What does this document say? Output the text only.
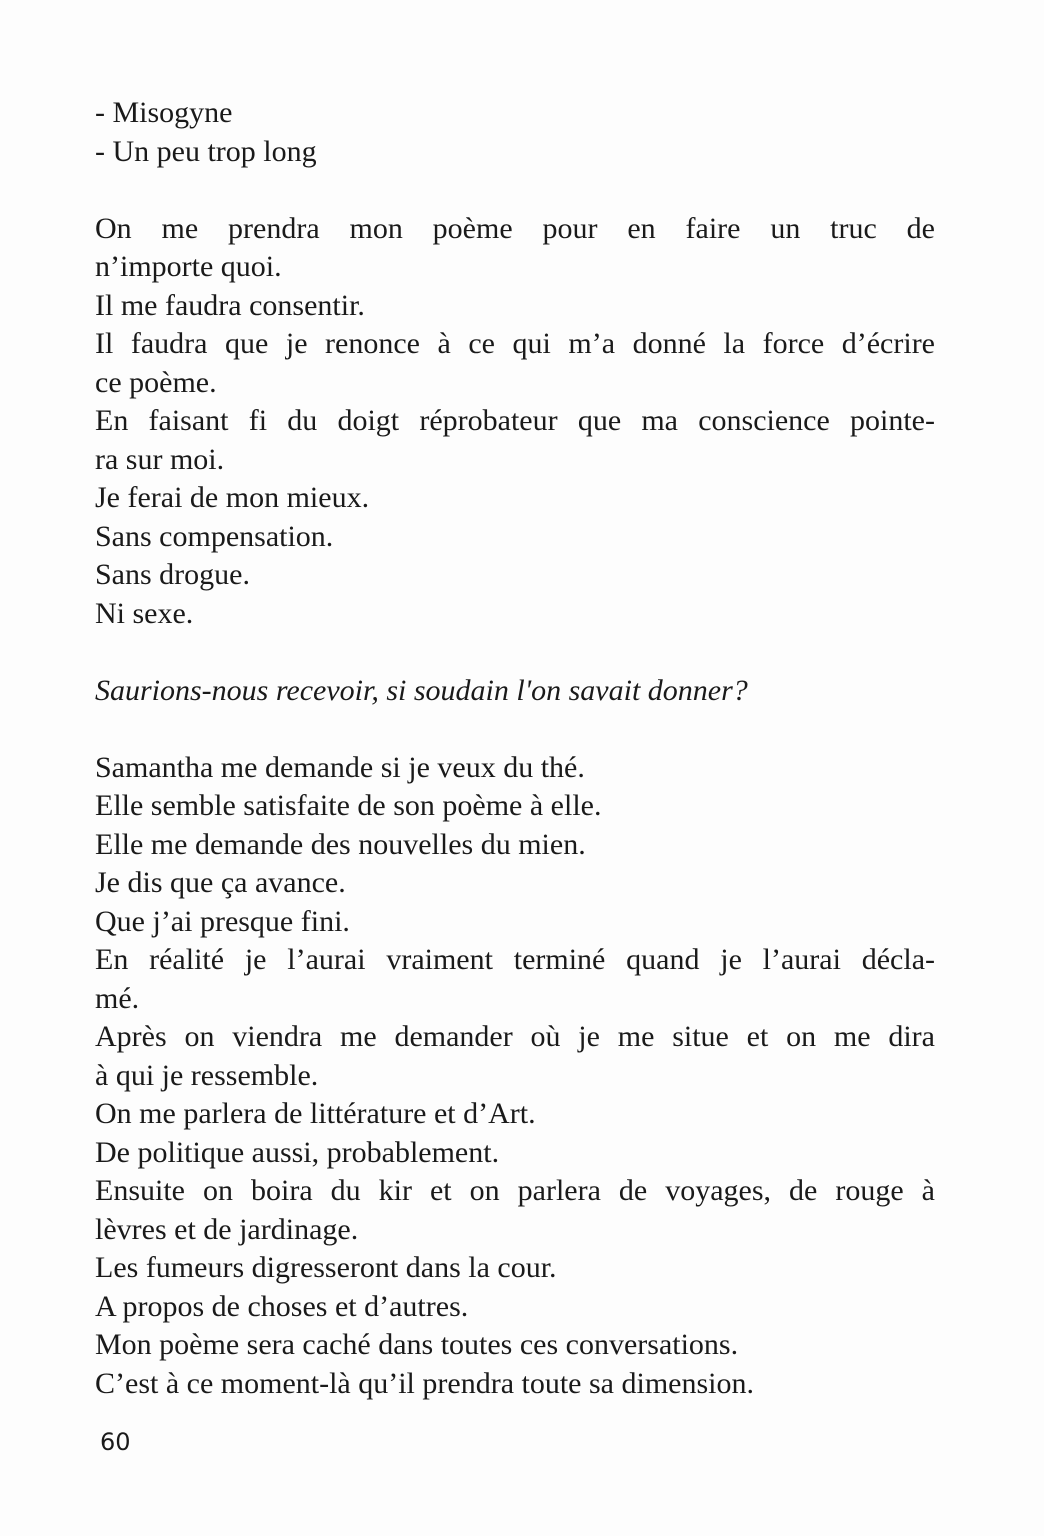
- Misogyne
- Un peu trop long
On me prendra mon poème pour en faire un truc de
n’importe quoi.
Il me faudra consentir.
Il faudra que je renonce à ce qui m’a donné la force d’écrire
ce poème.
En faisant fi du doigt réprobateur que ma conscience pointe-
ra sur moi.
Je ferai de mon mieux.
Sans compensation.
Sans drogue.
Ni sexe.
Saurions-nous recevoir, si soudain l'on savait donner?
Samantha me demande si je veux du thé.
Elle semble satisfaite de son poème à elle.
Elle me demande des nouvelles du mien.
Je dis que ça avance.
Que j’ai presque fini.
En réalité je l’aurai vraiment terminé quand je l’aurai décla-
mé.
Après on viendra me demander où je me situe et on me dira
à qui je ressemble.
On me parlera de littérature et d’Art.
De politique aussi, probablement.
Ensuite on boira du kir et on parlera de voyages, de rouge à
lèvres et de jardinage.
Les fumeurs digresseront dans la cour.
A propos de choses et d’autres.
Mon poème sera caché dans toutes ces conversations.
C’est à ce moment-là qu’il prendra toute sa dimension.
60
